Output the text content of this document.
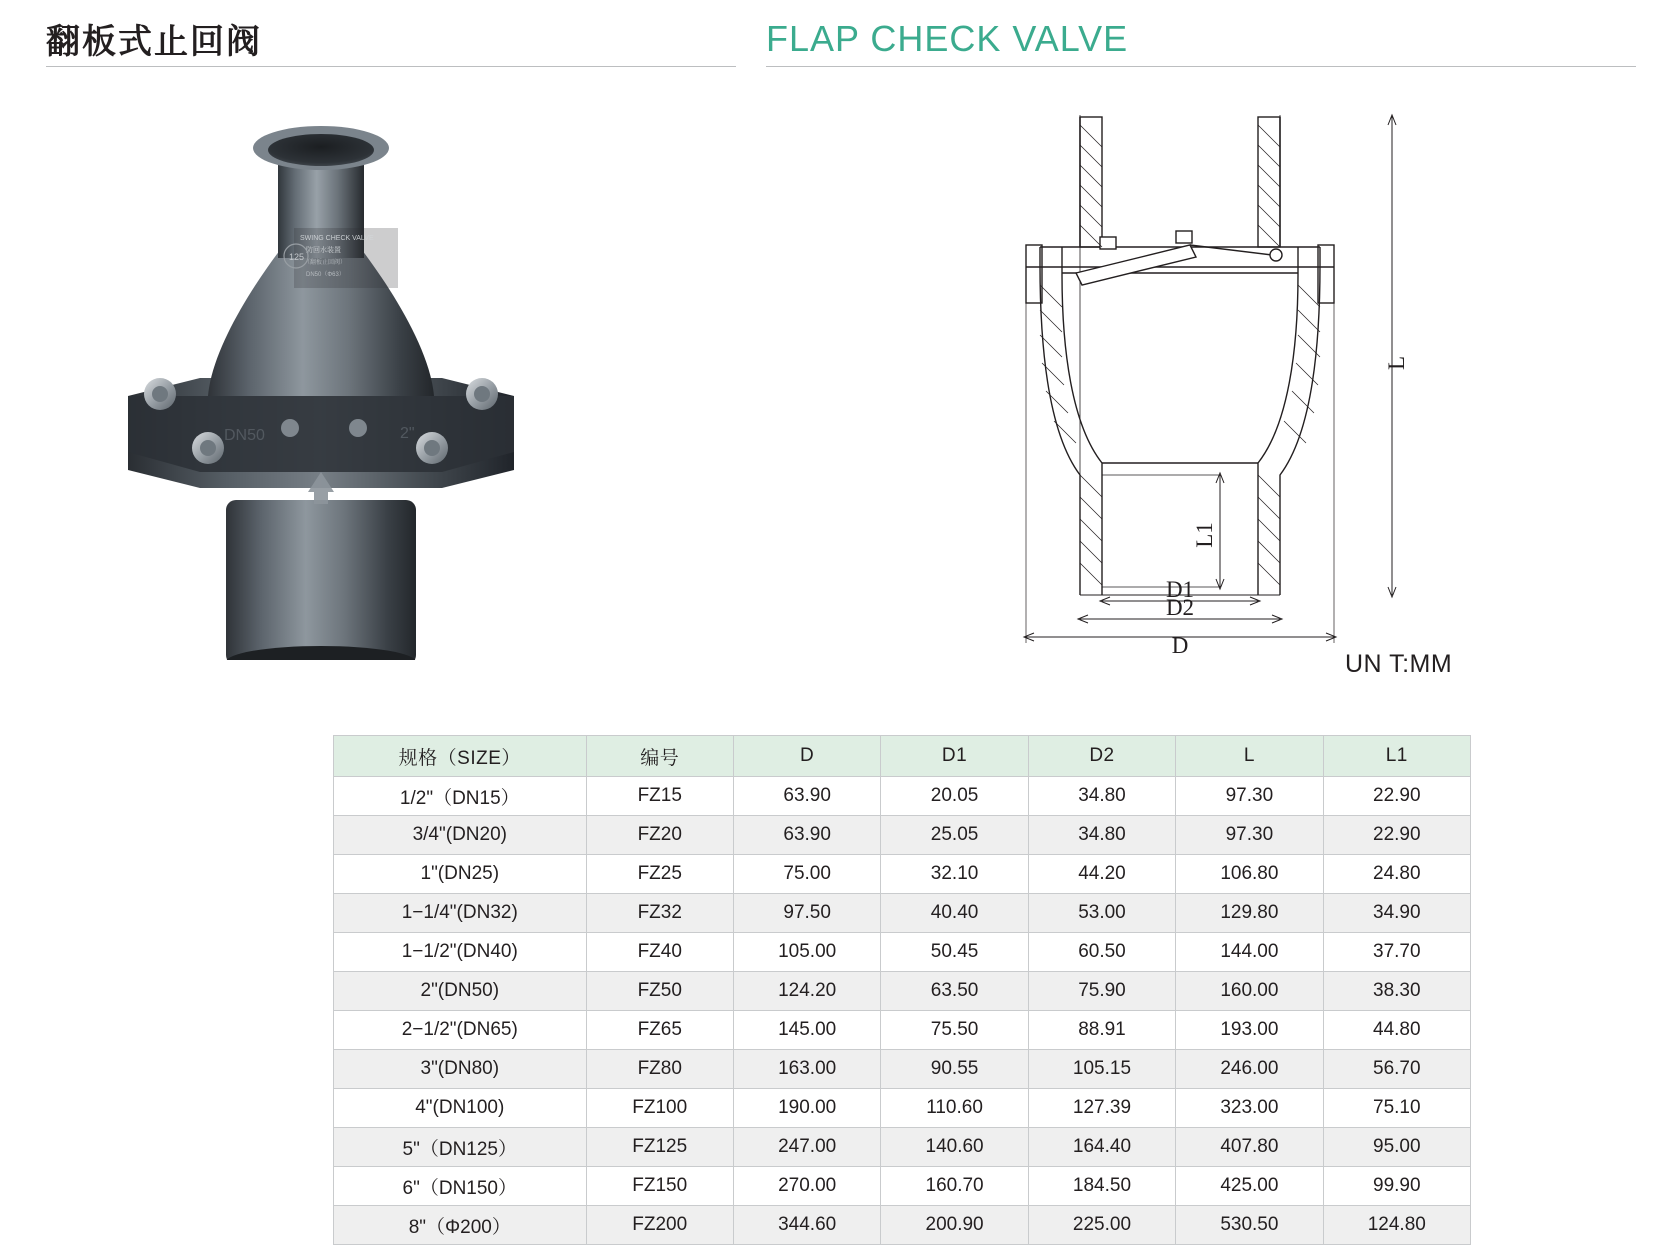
翻板式止回阀	FLAP CHECK VALVE
SWING CHECK VALVE
防回水装置
（翻板止回阀）
DN50（Φ63）
125
DN50	2"
L
L1
D1
D2
D
UN T:MM
规格（SIZE）	编号	D	D1	D2	L	L1
1/2"（DN15）	FZ15	63.90	20.05	34.80	97.30	22.90
3/4"(DN20)	FZ20	63.90	25.05	34.80	97.30	22.90
1"(DN25)	FZ25	75.00	32.10	44.20	106.80	24.80
1−1/4"(DN32)	FZ32	97.50	40.40	53.00	129.80	34.90
1−1/2"(DN40)	FZ40	105.00	50.45	60.50	144.00	37.70
2"(DN50)	FZ50	124.20	63.50	75.90	160.00	38.30
2−1/2"(DN65)	FZ65	145.00	75.50	88.91	193.00	44.80
3"(DN80)	FZ80	163.00	90.55	105.15	246.00	56.70
4"(DN100)	FZ100	190.00	110.60	127.39	323.00	75.10
5"（DN125）	FZ125	247.00	140.60	164.40	407.80	95.00
6"（DN150）	FZ150	270.00	160.70	184.50	425.00	99.90
8"（Φ200）	FZ200	344.60	200.90	225.00	530.50	124.80
